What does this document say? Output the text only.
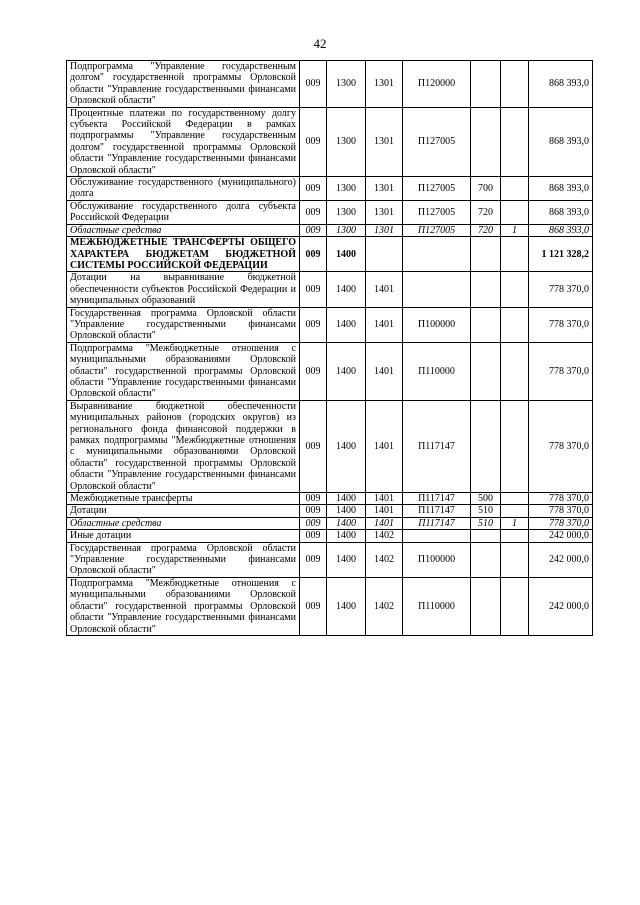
42
Подпрограмма "Управление государственным долгом" государственной программы Орловской области "Управление государственными финансами Орловской области"	009	1300	1301	П120000			868 393,0
Процентные платежи по государственному долгу субъекта Российской Федерации в рамках подпрограммы "Управление государственным долгом" государственной программы Орловской области "Управление государственными финансами Орловской области"	009	1300	1301	П127005			868 393,0
Обслуживание государственного (муниципального) долга	009	1300	1301	П127005	700		868 393,0
Обслуживание государственного долга субъекта Российской Федерации	009	1300	1301	П127005	720		868 393,0
Областные средства	009	1300	1301	П127005	720	1	868 393,0
МЕЖБЮДЖЕТНЫЕ ТРАНСФЕРТЫ ОБЩЕГО ХАРАКТЕРА БЮДЖЕТАМ БЮДЖЕТНОЙ СИСТЕМЫ РОССИЙСКОЙ ФЕДЕРАЦИИ	009	1400					1 121 328,2
Дотации на выравнивание бюджетной обеспеченности субъектов Российской Федерации и муниципальных образований	009	1400	1401				778 370,0
Государственная программа Орловской области "Управление государственными финансами Орловской области"	009	1400	1401	П100000			778 370,0
Подпрограмма "Межбюджетные отношения с муниципальными образованиями Орловской области" государственной программы Орловской области "Управление государственными финансами Орловской области"	009	1400	1401	П110000			778 370,0
Выравнивание бюджетной обеспеченности муниципальных районов (городских округов) из регионального фонда финансовой поддержки в рамках подпрограммы "Межбюджетные отношения с муниципальными образованиями Орловской области" государственной программы Орловской области "Управление государственными финансами Орловской области"	009	1400	1401	П117147			778 370,0
Межбюджетные трансферты	009	1400	1401	П117147	500		778 370,0
Дотации	009	1400	1401	П117147	510		778 370,0
Областные средства	009	1400	1401	П117147	510	1	778 370,0
Иные дотации	009	1400	1402				242 000,0
Государственная программа Орловской области "Управление государственными финансами Орловской области"	009	1400	1402	П100000			242 000,0
Подпрограмма "Межбюджетные отношения с муниципальными образованиями Орловской области" государственной программы Орловской области "Управление государственными финансами Орловской области"	009	1400	1402	П110000			242 000,0
